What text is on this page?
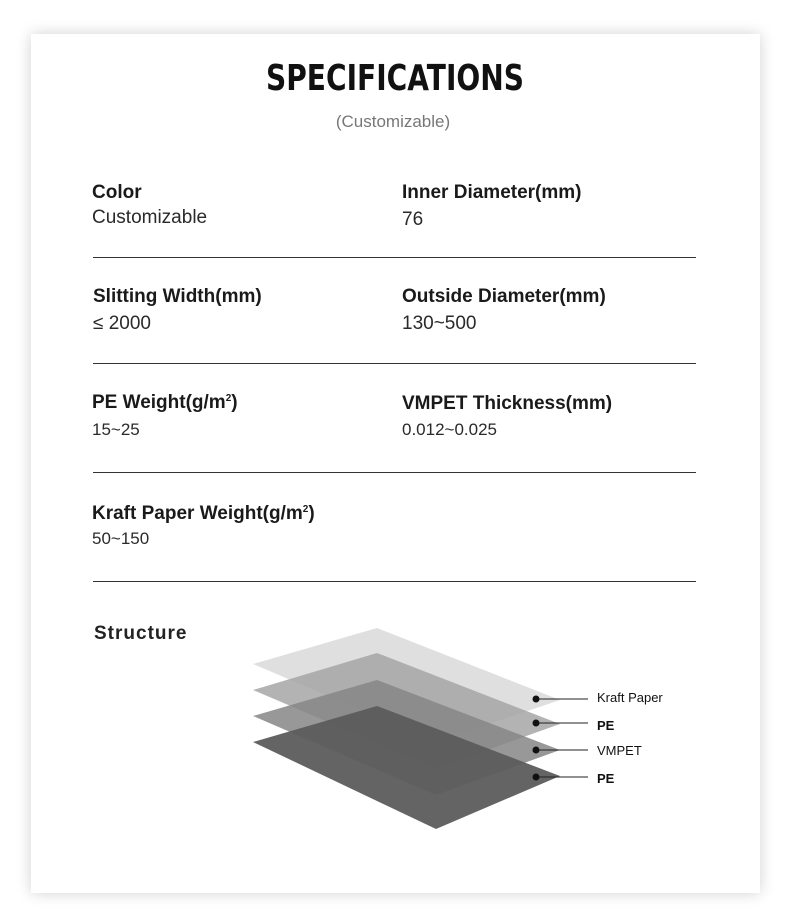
SPECIFICATIONS
(Customizable)
Color
Customizable
Inner Diameter(mm)
76
Slitting Width(mm)
≤ 2000
Outside Diameter(mm)
130~500
PE $Weight(g/m^2)$
15~25
VMPET Thickness(mm)
0.012~0.025
Kraft Paper $Weight(g/m^2)$
50~150
Structure
Kraft Paper
PE
VMPET
PE
